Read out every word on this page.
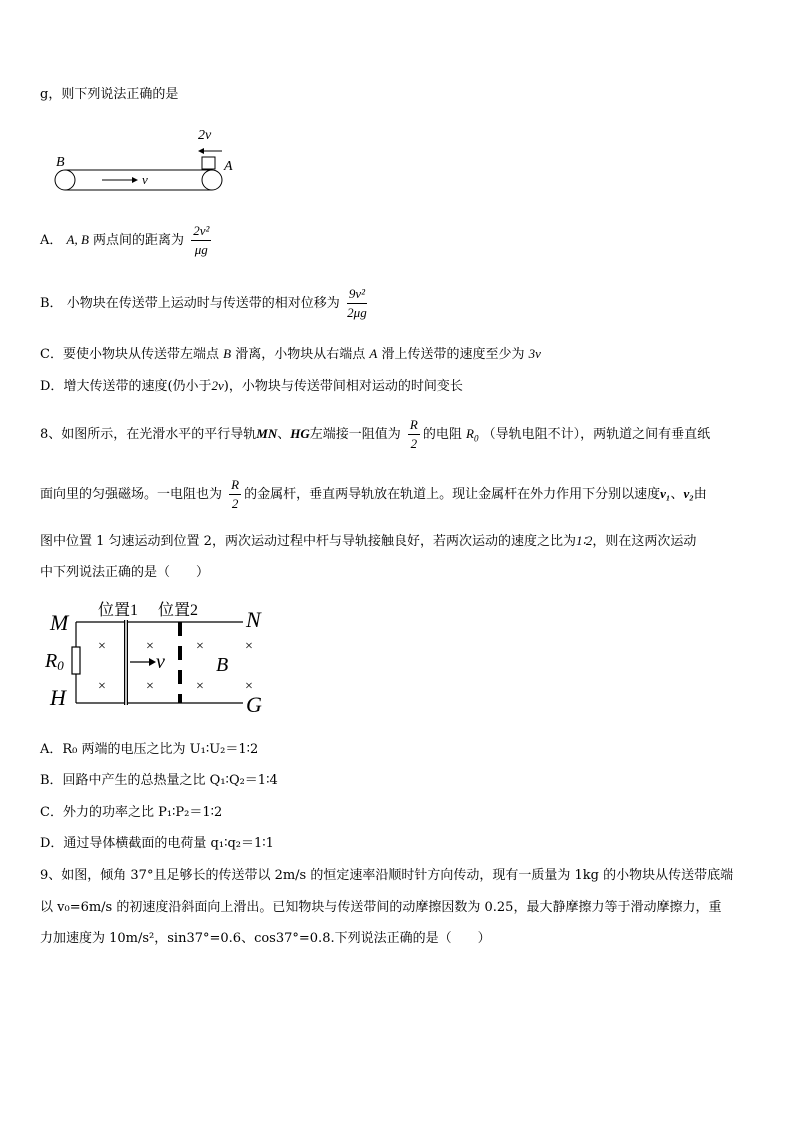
g，则下列说法正确的是
2v
B	A
v
A． A, B 两点间的距离为 $\frac{\text{2v²}}{\mu g}$
B． 小物块在传送带上运动时与传送带的相对位移为 $\frac{\text{9v²}}{2\mu g}$
C．要使小物块从传送带左端点 B 滑离，小物块从右端点 A 滑上传送带的速度至少为 3v
D．增大传送带的速度(仍小于2v)，小物块与传送带间相对运动的时间变长
8、如图所示，在光滑水平的平行导轨MN、HG左端接一阻值为 $\frac{R}{2}$ 的电阻 $R_0$ （导轨电阻不计），两轨道之间有垂直纸
面向里的匀强磁场。一电阻也为 $\frac{R}{2}$ 的金属杆，垂直两导轨放在轨道上。现让金属杆在外力作用下分别以速度v₁、v₂由
图中位置 1 匀速运动到位置 2，两次运动过程中杆与导轨接触良好，若两次运动的速度之比为1∶2，则在这两次运动
中下列说法正确的是（　　）
M	N
H	G
位置1 位置2
R0	v	B
×
×
×
×
×
×
×
×
A．R₀ 两端的电压之比为 U₁∶U₂＝1∶2
B．回路中产生的总热量之比 Q₁∶Q₂＝1∶4
C．外力的功率之比 P₁∶P₂＝1∶2
D．通过导体横截面的电荷量 q₁∶q₂＝1∶1
9、如图，倾角 37°且足够长的传送带以 2m/s 的恒定速率沿顺时针方向传动，现有一质量为 1kg 的小物块从传送带底端
以 v₀=6m/s 的初速度沿斜面向上滑出。已知物块与传送带间的动摩擦因数为 0.25，最大静摩擦力等于滑动摩擦力，重
力加速度为 10m/s²，sin37°=0.6、cos37°=0.8.下列说法正确的是（　　）
